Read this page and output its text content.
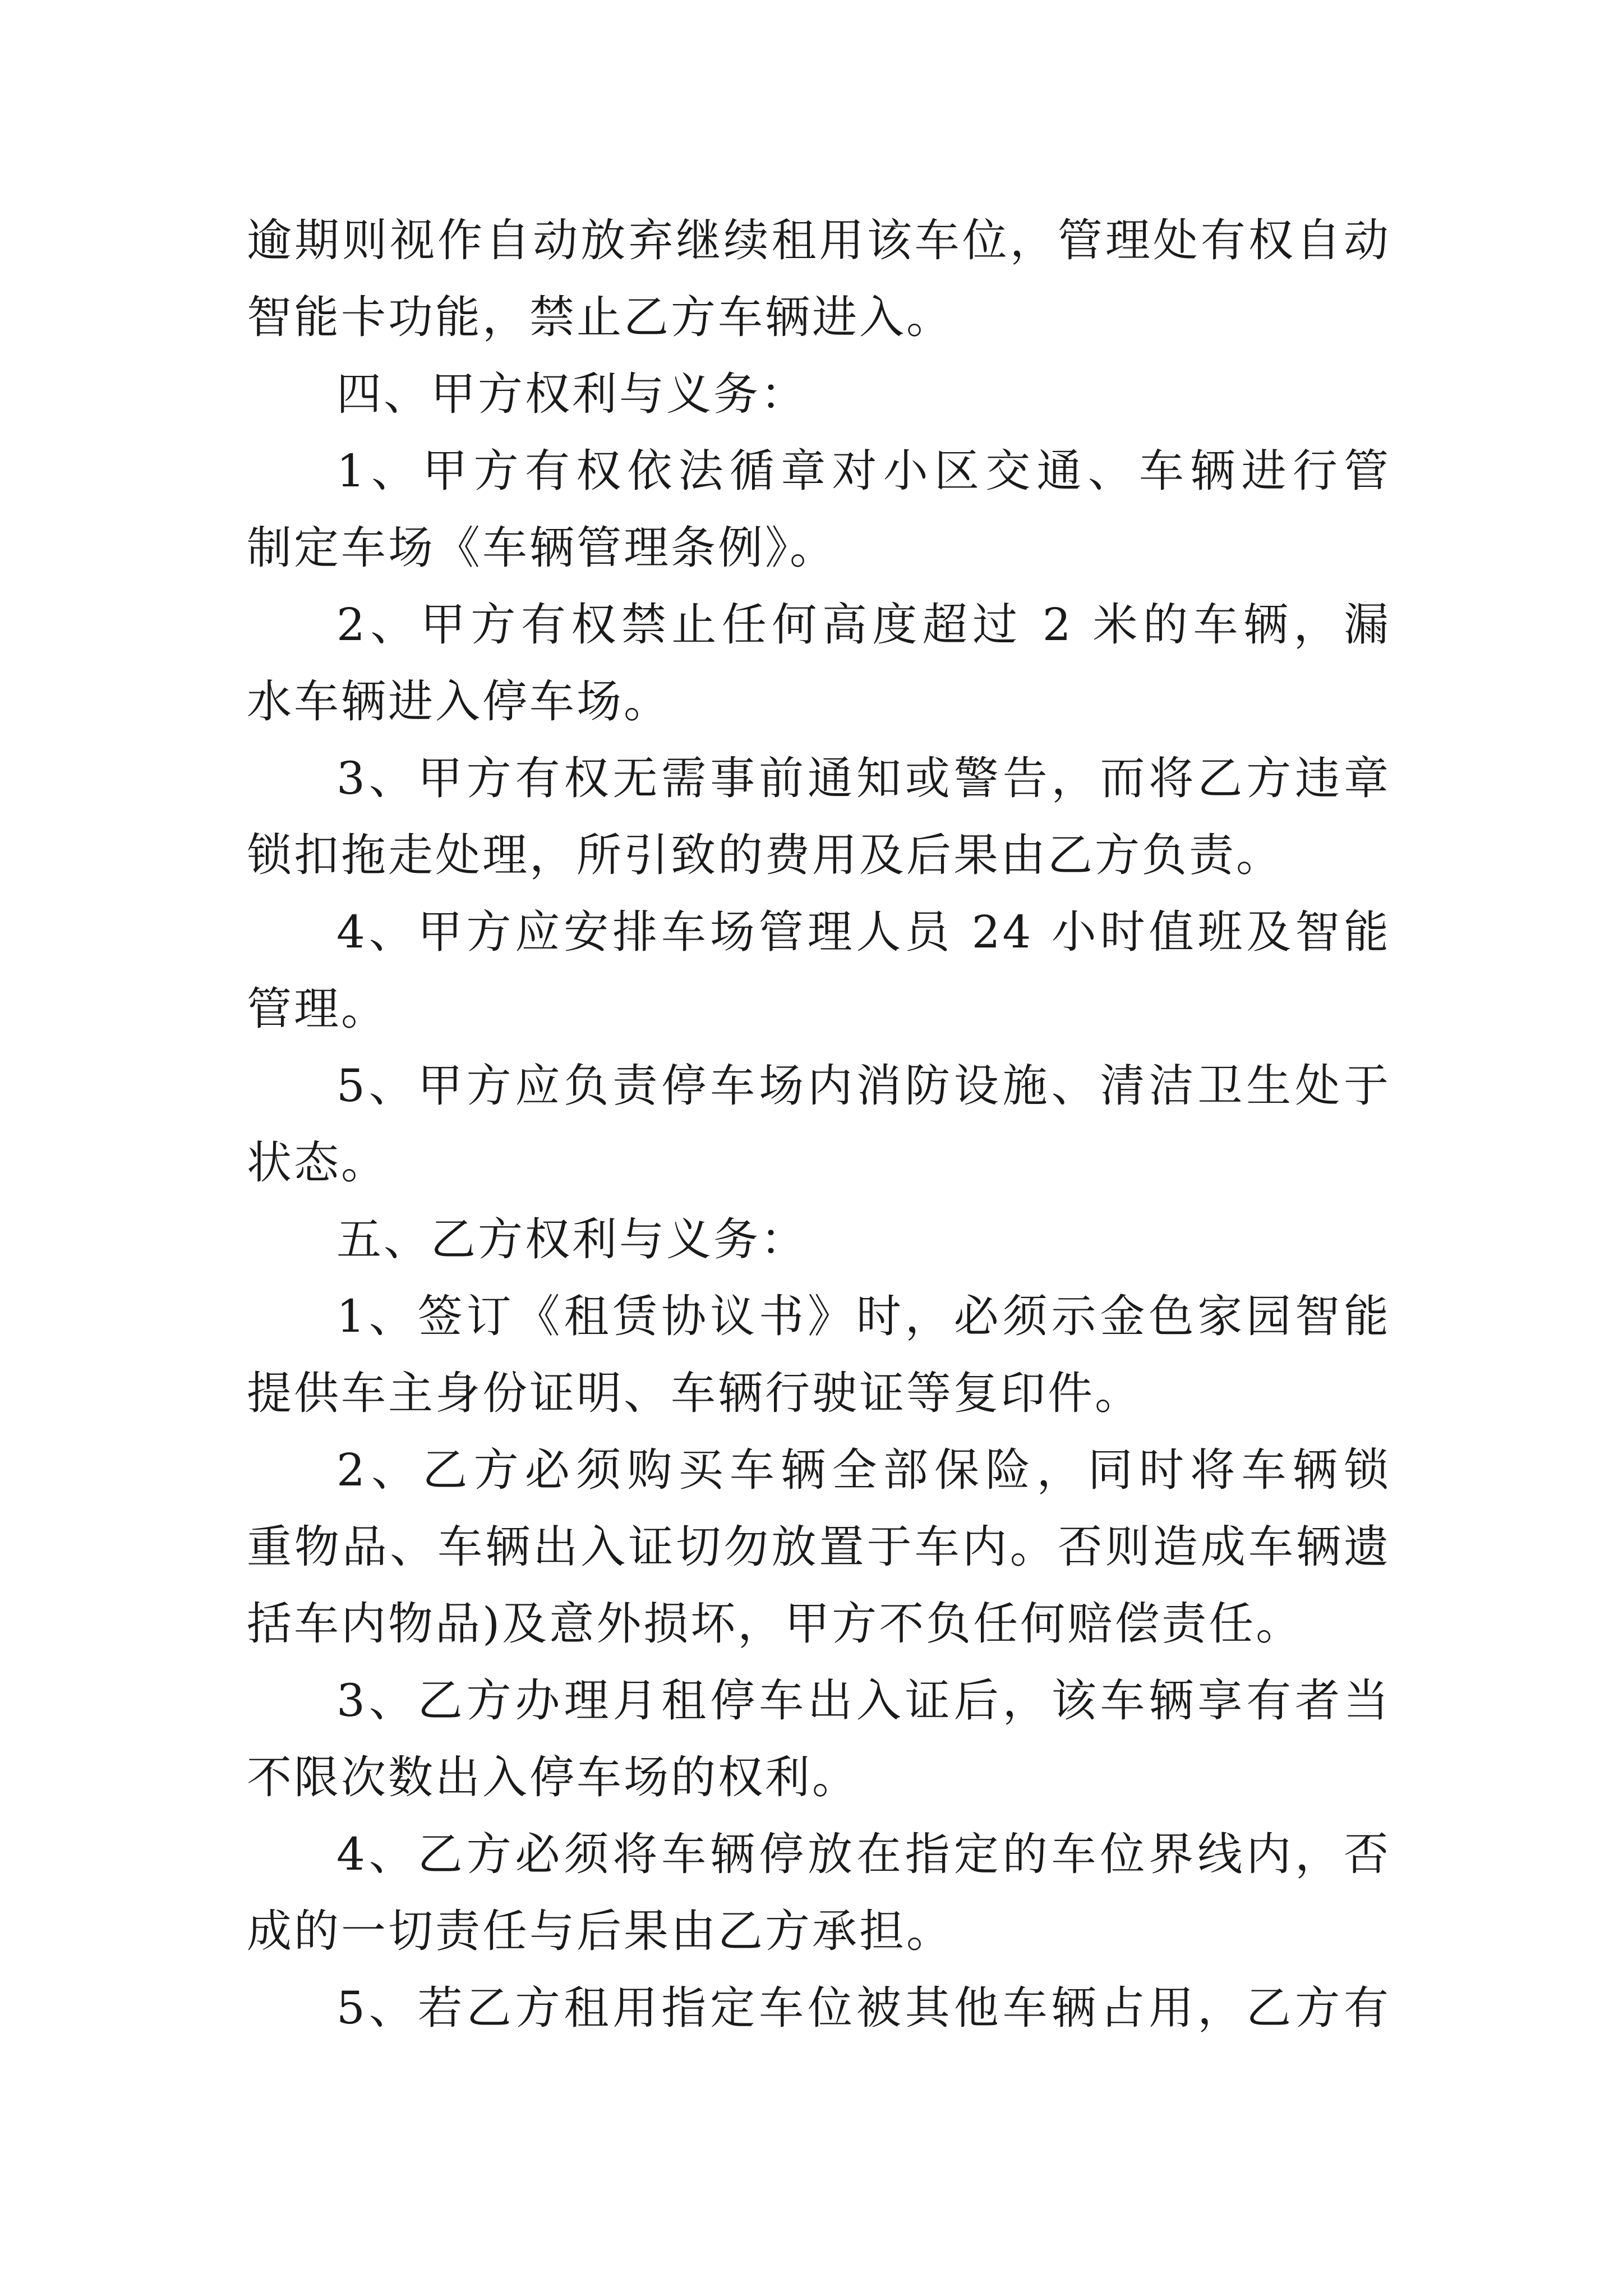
逾期则视作自动放弃继续租用该车位，管理处有权自动
智能卡功能，禁止乙方车辆进入。
四、甲方权利与义务：
1、甲方有权依法循章对小区交通、车辆进行管
制定车场《车辆管理条例》。
2、甲方有权禁止任何高度超过 2 米的车辆，漏
水车辆进入停车场。
3、甲方有权无需事前通知或警告，而将乙方违章
锁扣拖走处理，所引致的费用及后果由乙方负责。
4、甲方应安排车场管理人员 24 小时值班及智能
管理。
5、甲方应负责停车场内消防设施、清洁卫生处于
状态。
五、乙方权利与义务：
1、签订《租赁协议书》时，必须示金色家园智能
提供车主身份证明、车辆行驶证等复印件。
2、乙方必须购买车辆全部保险，同时将车辆锁
重物品、车辆出入证切勿放置于车内。否则造成车辆遗
括车内物品)及意外损坏，甲方不负任何赔偿责任。
3、乙方办理月租停车出入证后，该车辆享有者当
不限次数出入停车场的权利。
4、乙方必须将车辆停放在指定的车位界线内，否
成的一切责任与后果由乙方承担。
5、若乙方租用指定车位被其他车辆占用，乙方有
